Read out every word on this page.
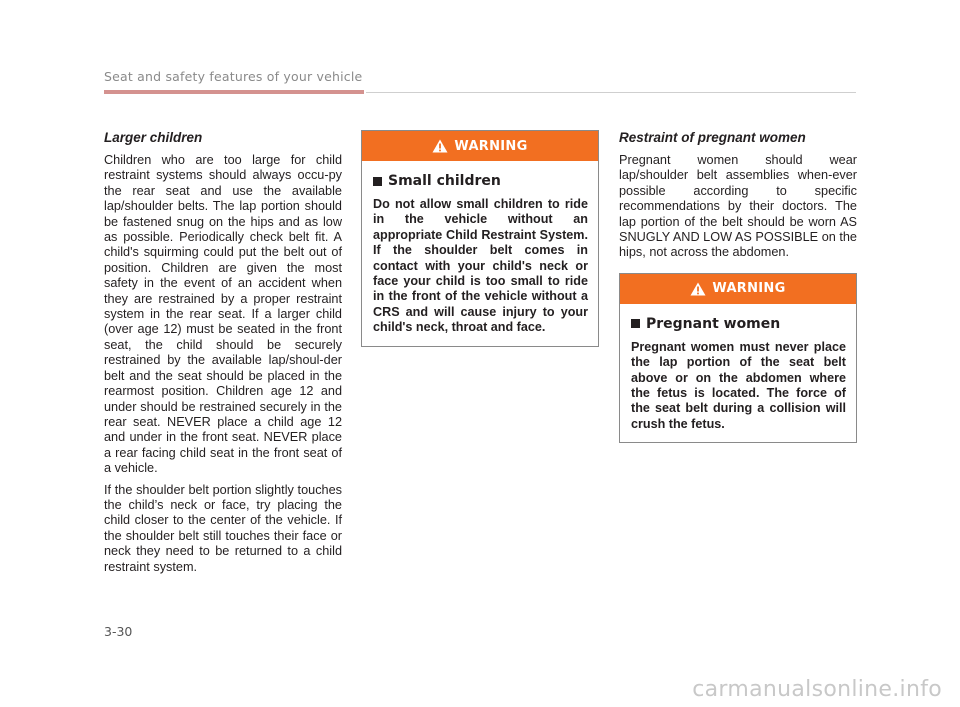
Seat and safety features of your vehicle
Larger children

Children who are too large for child restraint systems should always occu-py the rear seat and use the available lap/shoulder belts. The lap portion should be fastened snug on the hips and as low as possible. Periodically check belt fit. A child's squirming could put the belt out of position. Children are given the most safety in the event of an accident when they are restrained by a proper restraint system in the rear seat. If a larger child (over age 12) must be seated in the front seat, the child should be securely restrained by the available lap/shoul-der belt and the seat should be placed in the rearmost position. Children age 12 and under should be restrained securely in the rear seat. NEVER place a child age 12 and under in the front seat. NEVER place a rear facing child seat in the front seat of a vehicle.

If the shoulder belt portion slightly touches the child’s neck or face, try placing the child closer to the center of the vehicle. If the shoulder belt still touches their face or neck they need to be returned to a child restraint system.

WARNING
Small children

Do not allow small children to ride in the vehicle without an appropriate Child Restraint System. If the shoulder belt comes in contact with your child's neck or face your child is too small to ride in the front of the vehicle without a CRS and will cause injury to your child's neck, throat and face.

Restraint of pregnant women

Pregnant women should wear lap/shoulder belt assemblies when-ever possible according to specific recommendations by their doctors. The lap portion of the belt should be worn AS SNUGLY AND LOW AS POSSIBLE on the hips, not across the abdomen.

WARNING
Pregnant women

Pregnant women must never place the lap portion of the seat belt above or on the abdomen where the fetus is located. The force of the seat belt during a collision will crush the fetus.

3-30
carmanualsonline.info
